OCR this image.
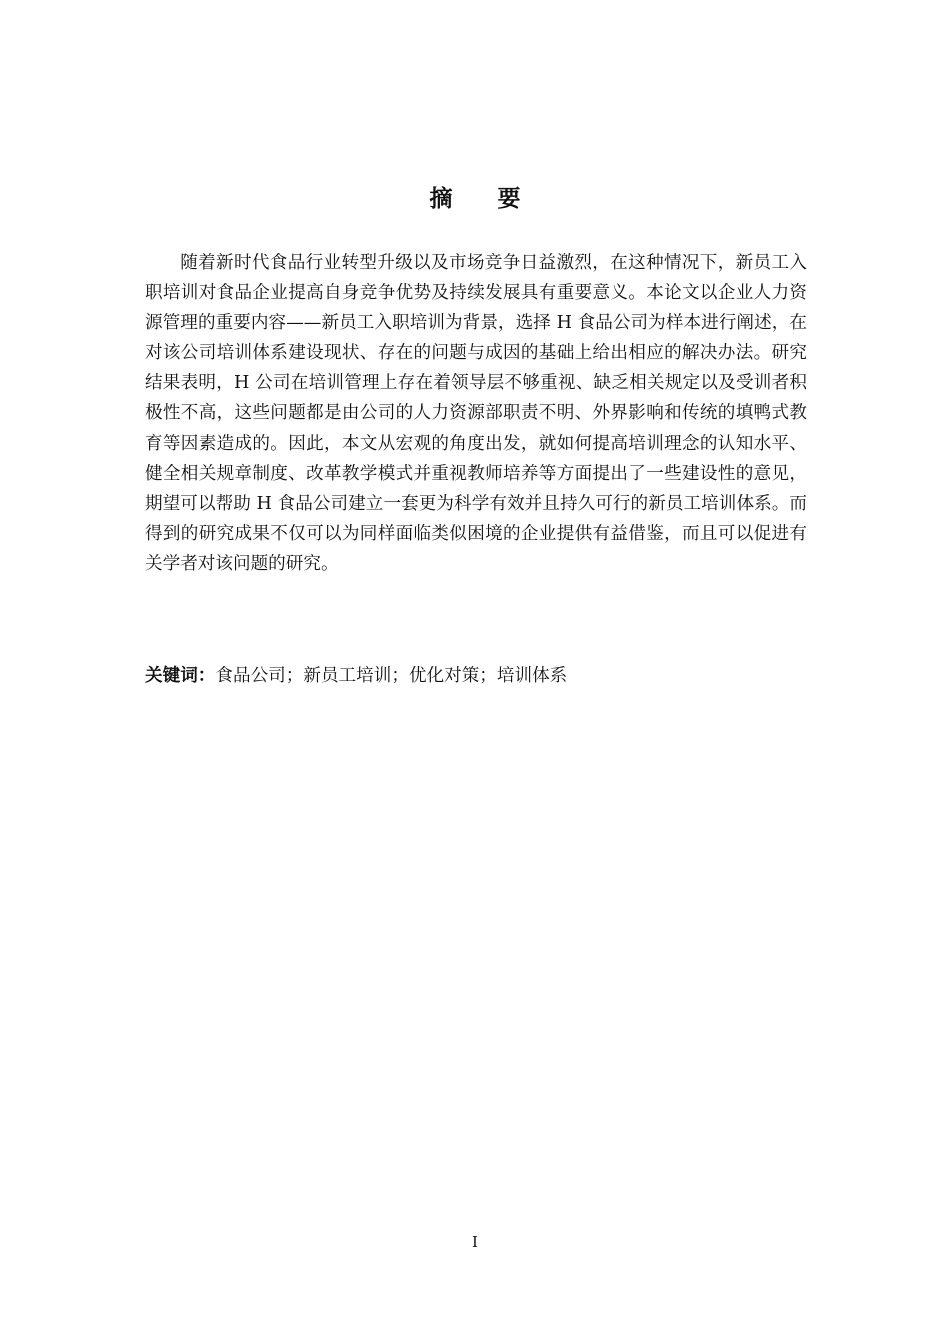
摘要

随着新时代食品行业转型升级以及市场竞争日益激烈，在这种情况下，新员工入职培训对食品企业提高自身竞争优势及持续发展具有重要意义。本论文以企业人力资源管理的重要内容——新员工入职培训为背景，选择 H 食品公司为样本进行阐述，在对该公司培训体系建设现状、存在的问题与成因的基础上给出相应的解决办法。研究结果表明，H 公司在培训管理上存在着领导层不够重视、缺乏相关规定以及受训者积极性不高，这些问题都是由公司的人力资源部职责不明、外界影响和传统的填鸭式教育等因素造成的。因此，本文从宏观的角度出发，就如何提高培训理念的认知水平、健全相关规章制度、改革教学模式并重视教师培养等方面提出了一些建设性的意见，期望可以帮助 H 食品公司建立一套更为科学有效并且持久可行的新员工培训体系。而得到的研究成果不仅可以为同样面临类似困境的企业提供有益借鉴，而且可以促进有关学者对该问题的研究。

关键词：食品公司；新员工培训；优化对策；培训体系

I
